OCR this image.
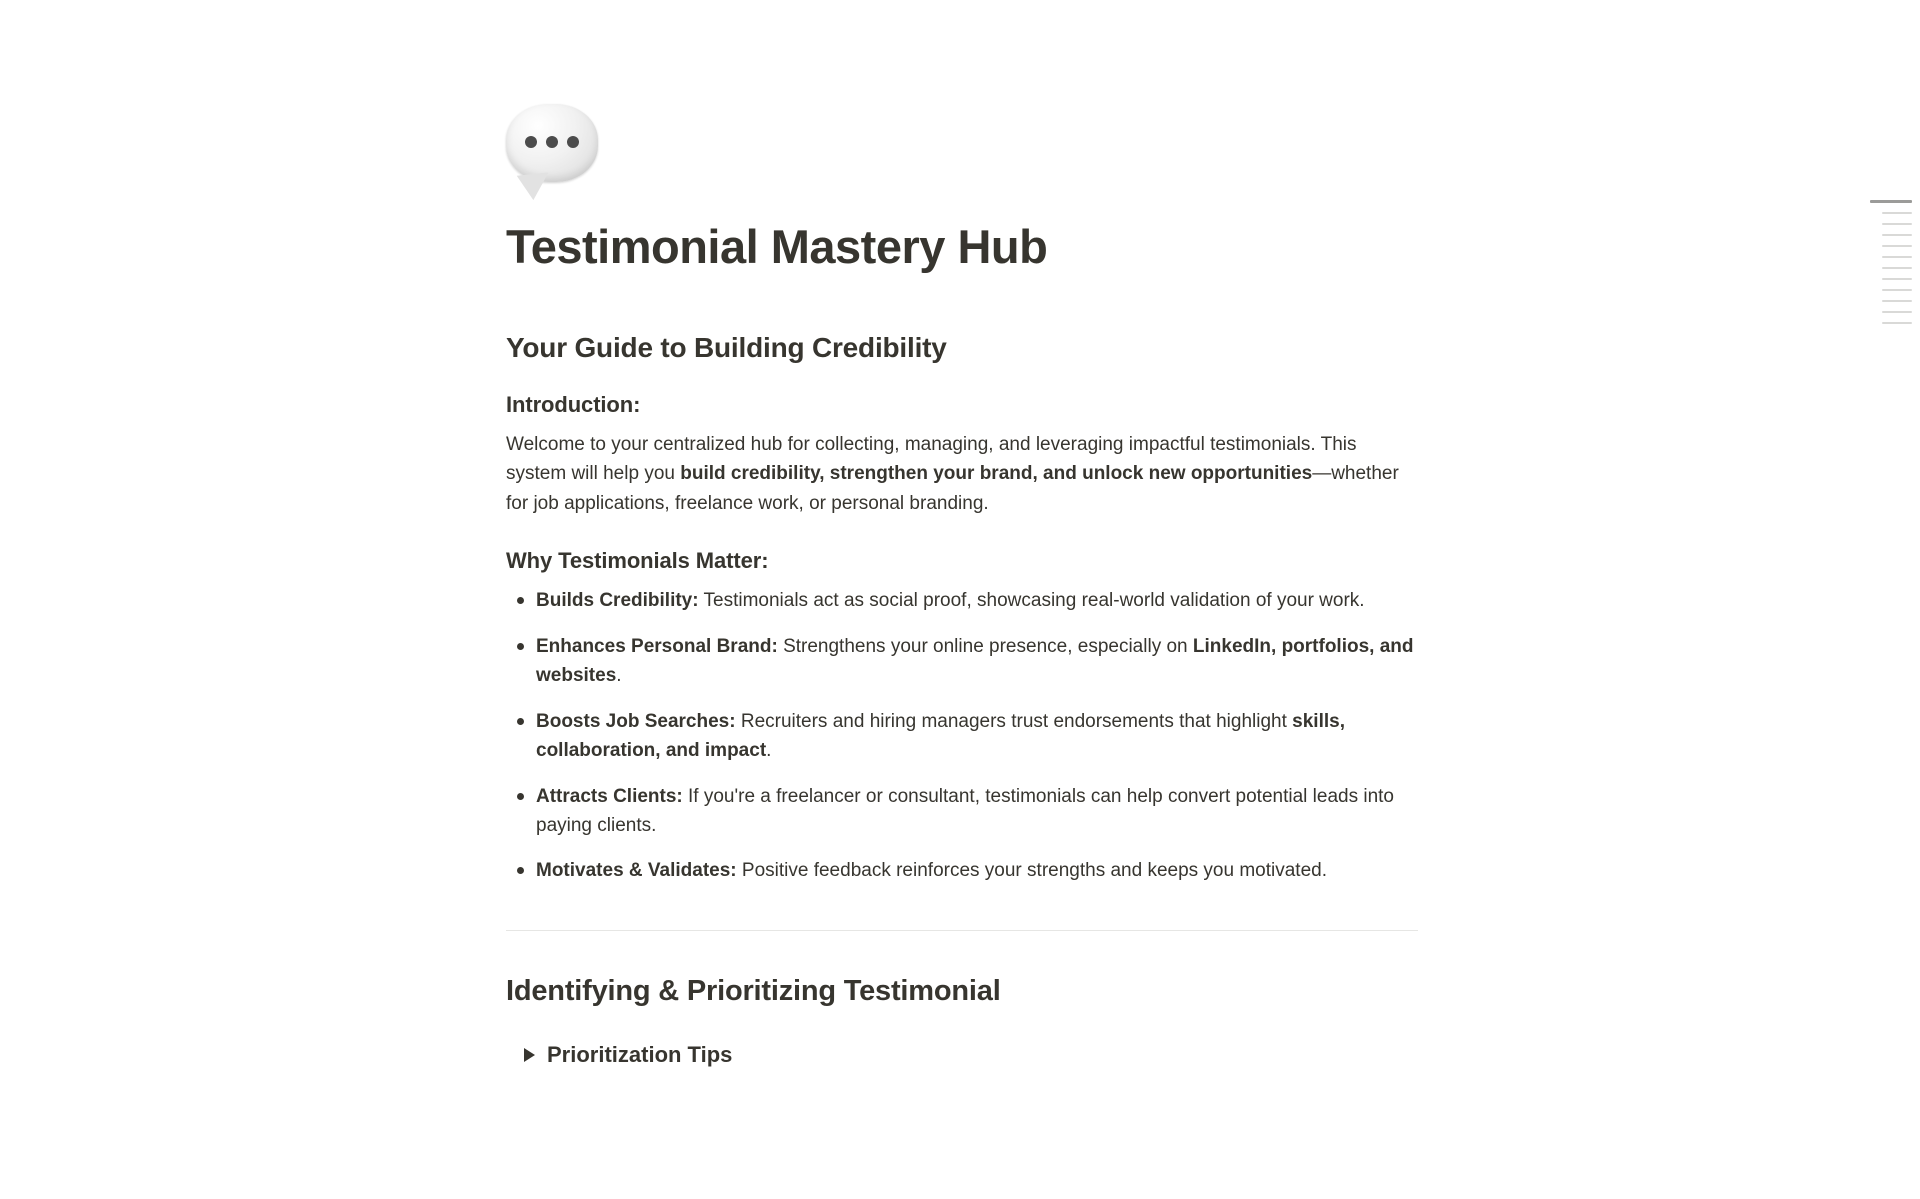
Testimonial Mastery Hub
Your Guide to Building Credibility
Introduction:

Welcome to your centralized hub for collecting, managing, and leveraging impactful testimonials. This system will help you build credibility, strengthen your brand, and unlock new opportunities—whether for job applications, freelance work, or personal branding.

Why Testimonials Matter:
Builds Credibility: Testimonials act as social proof, showcasing real-world validation of your work.
Enhances Personal Brand: Strengthens your online presence, especially on LinkedIn, portfolios, and websites.
Boosts Job Searches: Recruiters and hiring managers trust endorsements that highlight skills, collaboration, and impact.
Attracts Clients: If you're a freelancer or consultant, testimonials can help convert potential leads into paying clients.
Motivates & Validates: Positive feedback reinforces your strengths and keeps you motivated.
Identifying & Prioritizing Testimonial
Prioritization Tips
